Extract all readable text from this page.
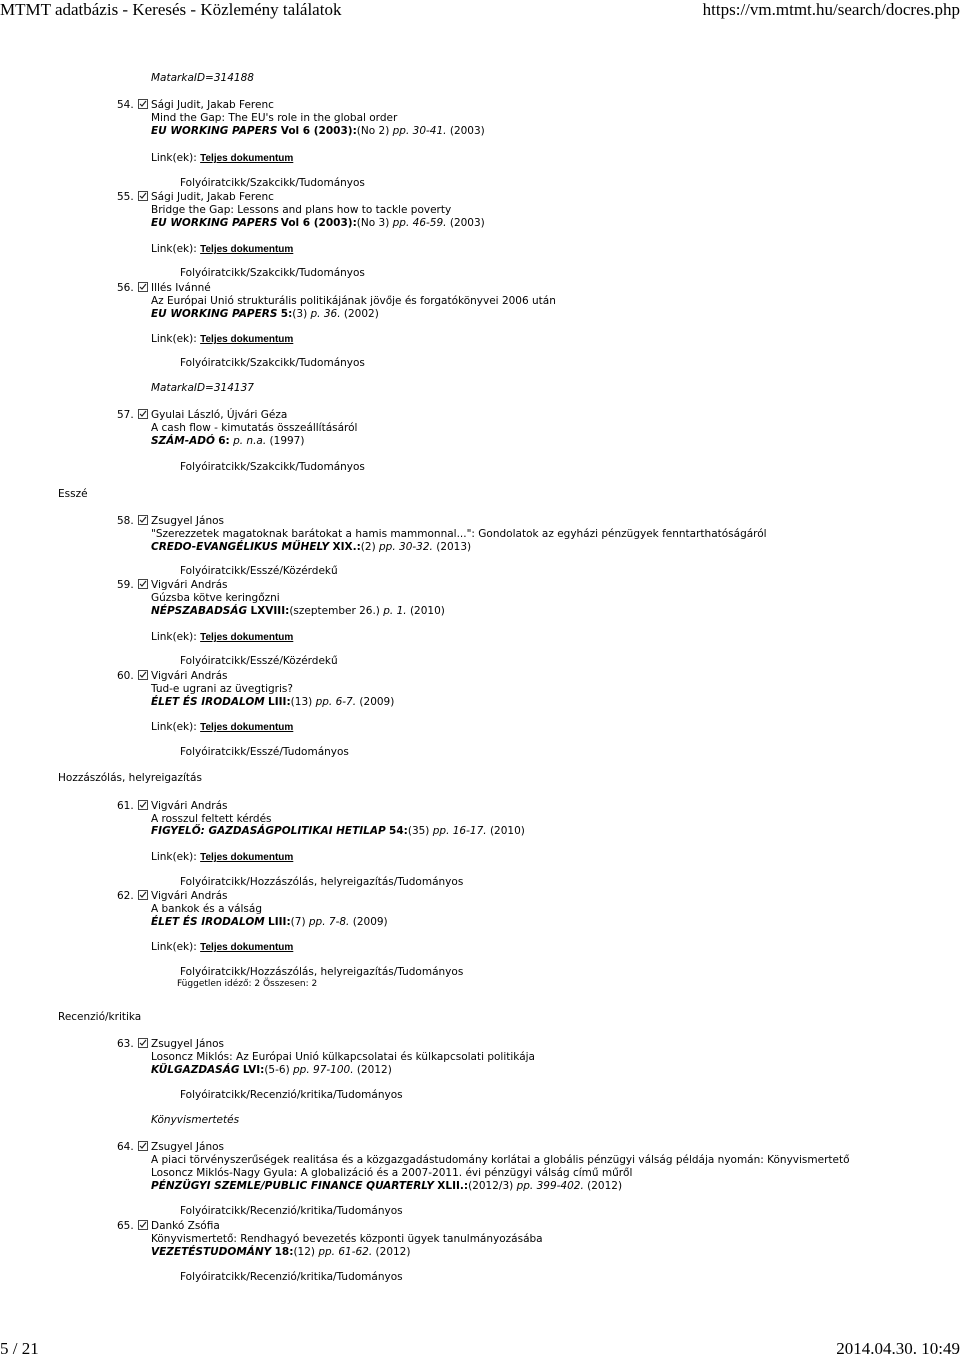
MTMT adatbázis - Keresés - Közlemény találatok	https://vm.mtmt.hu/search/docres.php
MatarkaID=314188
54.	Sági Judit, Jakab Ferenc
Mind the Gap: The EU's role in the global order
EU WORKING PAPERS Vol 6 (2003):(No 2) pp. 30-41. (2003)
Link(ek): Teljes dokumentum
Folyóiratcikk/Szakcikk/Tudományos
55.	Sági Judit, Jakab Ferenc
Bridge the Gap: Lessons and plans how to tackle poverty
EU WORKING PAPERS Vol 6 (2003):(No 3) pp. 46-59. (2003)
Link(ek): Teljes dokumentum
Folyóiratcikk/Szakcikk/Tudományos
56.	Illés Ivánné
Az Európai Unió strukturális politikájának jövője és forgatókönyvei 2006 után
EU WORKING PAPERS 5:(3) p. 36. (2002)
Link(ek): Teljes dokumentum
Folyóiratcikk/Szakcikk/Tudományos
MatarkaID=314137
57.	Gyulai László, Újvári Géza
A cash flow - kimutatás összeállításáról
SZÁM-ADÓ 6: p. n.a. (1997)
Folyóiratcikk/Szakcikk/Tudományos
Esszé
58.	Zsugyel János
"Szerezzetek magatoknak barátokat a hamis mammonnal...": Gondolatok az egyházi pénzügyek fenntarthatóságáról
CREDO-EVANGÉLIKUS MŰHELY XIX.:(2) pp. 30-32. (2013)
Folyóiratcikk/Esszé/Közérdekű
59.	Vigvári András
Gúzsba kötve keringőzni
NÉPSZABADSÁG LXVIII:(szeptember 26.) p. 1. (2010)
Link(ek): Teljes dokumentum
Folyóiratcikk/Esszé/Közérdekű
60.	Vigvári András
Tud-e ugrani az üvegtigris?
ÉLET ÉS IRODALOM LIII:(13) pp. 6-7. (2009)
Link(ek): Teljes dokumentum
Folyóiratcikk/Esszé/Tudományos
Hozzászólás, helyreigazítás
61.	Vigvári András
A rosszul feltett kérdés
FIGYELŐ: GAZDASÁGPOLITIKAI HETILAP 54:(35) pp. 16-17. (2010)
Link(ek): Teljes dokumentum
Folyóiratcikk/Hozzászólás, helyreigazítás/Tudományos
62.	Vigvári András
A bankok és a válság
ÉLET ÉS IRODALOM LIII:(7) pp. 7-8. (2009)
Link(ek): Teljes dokumentum
Folyóiratcikk/Hozzászólás, helyreigazítás/Tudományos
Független idéző: 2 Összesen: 2
Recenzió/kritika
63.	Zsugyel János
Losoncz Miklós: Az Európai Unió külkapcsolatai és külkapcsolati politikája
KÜLGAZDASÁG LVI:(5-6) pp. 97-100. (2012)
Folyóiratcikk/Recenzió/kritika/Tudományos
Könyvismertetés
64.	Zsugyel János
A piaci törvényszerűségek realitása és a közgazgadástudomány korlátai a globális pénzügyi válság példája nyomán: Könyvismertető
Losoncz Miklós-Nagy Gyula: A globalizáció és a 2007-2011. évi pénzügyi válság című műről
PÉNZÜGYI SZEMLE/PUBLIC FINANCE QUARTERLY XLII.:(2012/3) pp. 399-402. (2012)
Folyóiratcikk/Recenzió/kritika/Tudományos
65.	Dankó Zsófia
Könyvismertető: Rendhagyó bevezetés központi ügyek tanulmányozásába
VEZETÉSTUDOMÁNY 18:(12) pp. 61-62. (2012)
Folyóiratcikk/Recenzió/kritika/Tudományos
5 / 21	2014.04.30. 10:49
